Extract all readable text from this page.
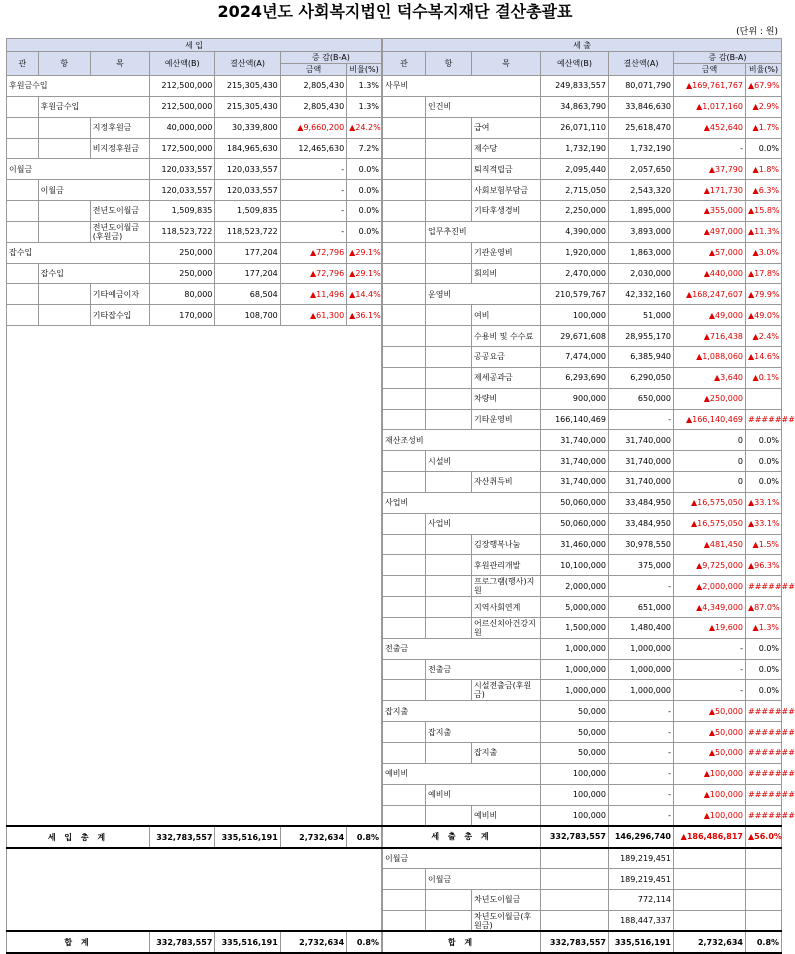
2024년도 사회복지법인 덕수복지재단 결산총괄표
(단위 : 원)
세 입						
관	항	목	예산액(B)	결산액(A)	증 감(B-A)	
					금액	비율(%)
후원금수입			212,500,000	215,305,430	2,805,430	1.3%
	후원금수입		212,500,000	215,305,430	2,805,430	1.3%
		지정후원금	40,000,000	30,339,800	▲9,660,200	▲24.2%
		비지정후원금	172,500,000	184,965,630	12,465,630	7.2%
이월금			120,033,557	120,033,557	-	0.0%
	이월금		120,033,557	120,033,557	-	0.0%
		전년도이월금	1,509,835	1,509,835	-	0.0%
		전년도이월금(후원금)	118,523,722	118,523,722	-	0.0%
잡수입			250,000	177,204	▲72,796	▲29.1%
	잡수입		250,000	177,204	▲72,796	▲29.1%
		기타예금이자	80,000	68,504	▲11,496	▲14.4%
		기타잡수입	170,000	108,700	▲61,300	▲36.1%

세 입 총 계			332,783,557	335,516,191	2,732,634	0.8%

합 계			332,783,557	335,516,191	2,732,634	0.8%
세 출						
관	항	목	예산액(B)	결산액(A)	증 감(B-A)	
					금액	비율(%)
사무비			249,833,557	80,071,790	▲169,761,767	▲67.9%
	인건비		34,863,790	33,846,630	▲1,017,160	▲2.9%
		급여	26,071,110	25,618,470	▲452,640	▲1.7%
		제수당	1,732,190	1,732,190	-	0.0%
		퇴직적립금	2,095,440	2,057,650	▲37,790	▲1.8%
		사회보험부담금	2,715,050	2,543,320	▲171,730	▲6.3%
		기타후생경비	2,250,000	1,895,000	▲355,000	▲15.8%
	업무추진비		4,390,000	3,893,000	▲497,000	▲11.3%
		기관운영비	1,920,000	1,863,000	▲57,000	▲3.0%
		회의비	2,470,000	2,030,000	▲440,000	▲17.8%
	운영비		210,579,767	42,332,160	▲168,247,607	▲79.9%
		여비	100,000	51,000	▲49,000	▲49.0%
		수용비 및 수수료	29,671,608	28,955,170	▲716,438	▲2.4%
		공공요금	7,474,000	6,385,940	▲1,088,060	▲14.6%
		제세공과금	6,293,690	6,290,050	▲3,640	▲0.1%
		차량비	900,000	650,000	▲250,000	
		기타운영비	166,140,469	-	▲166,140,469	#######
재산조성비			31,740,000	31,740,000	0	0.0%
	시설비		31,740,000	31,740,000	0	0.0%
		자산취득비	31,740,000	31,740,000	0	0.0%
사업비			50,060,000	33,484,950	▲16,575,050	▲33.1%
	사업비		50,060,000	33,484,950	▲16,575,050	▲33.1%
		김장행복나눔	31,460,000	30,978,550	▲481,450	▲1.5%
		후원관리개발	10,100,000	375,000	▲9,725,000	▲96.3%
		프로그램(행사)지원	2,000,000	-	▲2,000,000	#######
		지역사회연계	5,000,000	651,000	▲4,349,000	▲87.0%
		어르신치아건강지원	1,500,000	1,480,400	▲19,600	▲1.3%
전출금			1,000,000	1,000,000	-	0.0%
	전출금		1,000,000	1,000,000	-	0.0%
		시설전출금(후원금)	1,000,000	1,000,000	-	0.0%
잡지출			50,000	-	▲50,000	#######
	잡지출		50,000	-	▲50,000	#######
		잡지출	50,000	-	▲50,000	#######
예비비			100,000	-	▲100,000	#######
	예비비		100,000	-	▲100,000	#######
		예비비	100,000	-	▲100,000	#######
세 출 총 계			332,783,557	146,296,740	▲186,486,817	▲56.0%
이월금				189,219,451		
	이월금			189,219,451		
		차년도이월금		772,114		
		차년도이월금(후원금)		188,447,337		
합 계			332,783,557	335,516,191	2,732,634	0.8%
